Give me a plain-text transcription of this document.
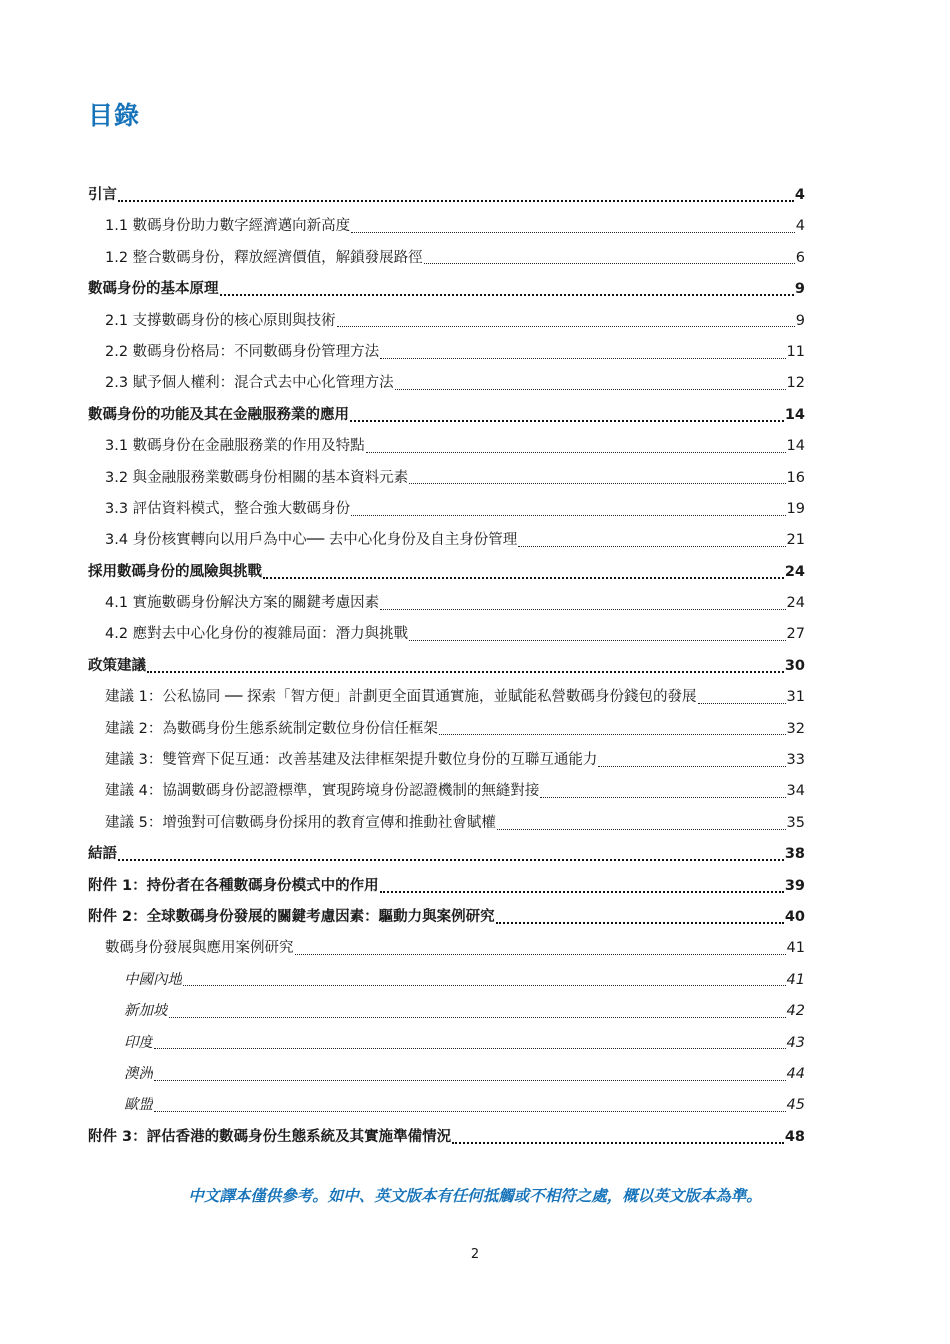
目錄
引言	4
1.1 數碼身份助力數字經濟邁向新高度	4
1.2 整合數碼身份，釋放經濟價值，解鎖發展路徑	6
數碼身份的基本原理	9
2.1 支撐數碼身份的核心原則與技術	9
2.2 數碼身份格局：不同數碼身份管理方法	11
2.3 賦予個人權利：混合式去中心化管理方法	12
數碼身份的功能及其在金融服務業的應用	14
3.1 數碼身份在金融服務業的作用及特點	14
3.2 與金融服務業數碼身份相關的基本資料元素	16
3.3 評估資料模式，整合強大數碼身份	19
3.4 身份核實轉向以用戶為中心── 去中心化身份及自主身份管理	21
採用數碼身份的風險與挑戰	24
4.1 實施數碼身份解決方案的關鍵考慮因素	24
4.2 應對去中心化身份的複雜局面：潛力與挑戰	27
政策建議	30
建議 1：公私協同 ── 探索「智方便」計劃更全面貫通實施，並賦能私營數碼身份錢包的發展	31
建議 2：為數碼身份生態系統制定數位身份信任框架	32
建議 3：雙管齊下促互通：改善基建及法律框架提升數位身份的互聯互通能力	33
建議 4：協調數碼身份認證標準，實現跨境身份認證機制的無縫對接	34
建議 5：增強對可信數碼身份採用的教育宣傳和推動社會賦權	35
結語	38
附件 1：持份者在各種數碼身份模式中的作用	39
附件 2：全球數碼身份發展的關鍵考慮因素：驅動力與案例研究	40
數碼身份發展與應用案例研究	41
中國內地	41
新加坡	42
印度	43
澳洲	44
歐盟	45
附件 3：評估香港的數碼身份生態系統及其實施準備情況	48
中文譯本僅供參考。如中、英文版本有任何抵觸或不相符之處，概以英文版本為準。
2
